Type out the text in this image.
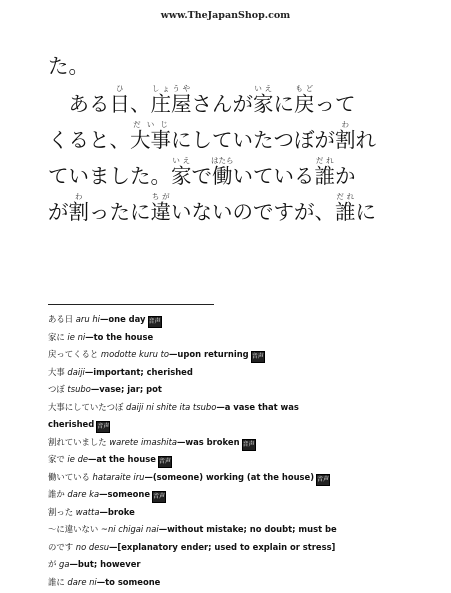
www.TheJapanShop.com
た。
　ある日ひ、庄屋しょうやさんが家いえに戻もどって
くると、大事だいじにしていたつぼが割われ
ていました。家いえで働はたらいている誰だれか
が割わったに違ちがいないのですが、誰だれに
ある日 aru hi—one day 音声
家に ie ni—to the house
戻ってくると modotte kuru to—upon returning 音声
大事 daiji—important; cherished
つぼ tsubo—vase; jar; pot
大事にしていたつぼ daiji ni shite ita tsubo—a vase that was
cherished 音声
割れていました warete imashita—was broken 音声
家で ie de—at the house 音声
働いている hataraite iru—(someone) working (at the house) 音声
誰か dare ka—someone 音声
割った watta—broke
〜に違いない ~ni chigai nai—without mistake; no doubt; must be
のです no desu—[explanatory ender; used to explain or stress]
が ga—but; however
誰に dare ni—to someone
